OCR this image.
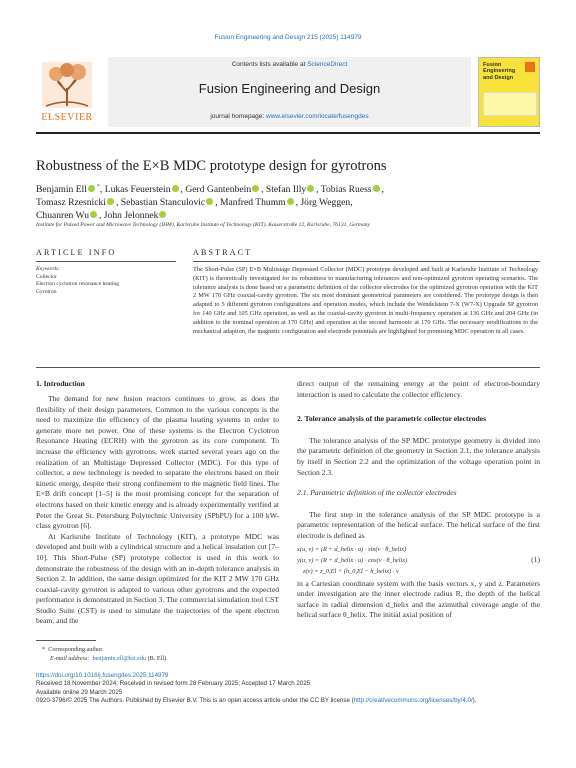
Fusion Engineering and Design 215 (2025) 114979
ELSEVIER
Contents lists available at ScienceDirect
Fusion Engineering and Design
journal homepage: www.elsevier.com/locate/fusengdes
Fusion Engineering and Design
Robustness of the E×B MDC prototype design for gyrotrons
Benjamin Ell *, Lukas Feuerstein , Gerd Gantenbein , Stefan Illy , Tobias Ruess ,
Tomasz Rzesnicki , Sebastian Stanculovic , Manfred Thumm , Jörg Weggen,
Chuanren Wu , John Jelonnek
Institute for Pulsed Power and Microwave Technology (IHM), Karlsruhe Institute of Technology (KIT), Kaiserstraße 12, Karlsruhe, 76131, Germany
ARTICLE INFO
Keywords:
Collector
Electron cyclotron resonance heating
Gyrotron
ABSTRACT
The Short-Pulse (SP) E×B Multistage Depressed Collector (MDC) prototype developed and built at Karlsruhe Institute of Technology (KIT) is theoretically investigated for its robustness to manufacturing tolerances and non-optimized gyrotron operating scenarios. The tolerance analysis is done based on a parametric definition of the collector electrodes for the optimized gyrotron operation with the KIT 2 MW 170 GHz coaxial-cavity gyrotron. The six most dominant geometrical parameters are considered. The prototype design is then adapted to 5 different gyrotron configurations and operation modes, which include the Wendelstein 7-X (W7-X) Upgrade SP gyrotron for 140 GHz and 105 GHz operation, as well as the coaxial-cavity gyrotron in multi-frequency operation at 136 GHz and 204 GHz (in addition to the nominal operation at 170 GHz) and operation at the second harmonic at 170 GHz. The necessary modifications to the mechanical adaption, the magnetic configuration and electrode potentials are highlighted for promising MDC operation in all cases.
1. Introduction

The demand for new fusion reactors continues to grow, as does the flexibility of their design parameters. Common to the various concepts is the need to maximize the efficiency of the plasma heating systems in order to generate more net power. One of these systems is the Electron Cyclotron Resonance Heating (ECRH) with the gyrotron as its core component. To increase the efficiency with gyrotrons, work started several years ago on the realization of an Multistage Depressed Collector (MDC). For this type of collector, a new technology is needed to separate the electrons based on their kinetic energy, despite their strong confinement to the magnetic field lines. The E×B drift concept [1–5] is the most promising concept for the separation of electrons based on their kinetic energy and is already experimentally verified at Peter the Great St. Petersburg Polytechnic University (SPbPU) for a 100 kW-class gyrotron [6].

At Karlsruhe Institute of Technology (KIT), a prototype MDC was developed and built with a cylindrical structure and a helical insulation cut [7–10]. This Short-Pulse (SP) prototype collector is used in this work to demonstrate the robustness of the design with an in-depth tolerance analysis in Section 2. In addition, the same design optimized for the KIT 2 MW 170 GHz coaxial-cavity gyrotron is adapted to various other gyrotrons and the expected performance is demonstrated in Section 3. The commercial simulation tool CST Studio Suite (CST) is used to simulate the trajectories of the spent electron beam, and the

direct output of the remaining energy at the point of electron-boundary interaction is used to calculate the collector efficiency.
2. Tolerance analysis of the parametric collector electrodes

The tolerance analysis of the SP MDC prototype geometry is divided into the parametric definition of the geometry in Section 2.1, the tolerance analysis by itself in Section 2.2 and the optimization of the voltage operation point in Section 2.3.

2.1. Parametric definition of the collector electrodes

The first step in the tolerance analysis of the SP MDC prototype is a parametric representation of the helical surface. The helical surface of the first electrode is defined as

x(u, v) = (R + d_helix · u) · sin(v · θ_helix)
y(u, v) = (R + d_helix · u) · cos(v · θ_helix)
z(v) = z_0,El + (h_0,El − h_helix) · v
(1)
in a Cartesian coordinate system with the basis vectors x, y and z. Parameters under investigation are the inner electrode radius R, the depth of the helical surface in radial dimension d_helix and the azimuthal coverage angle of the helical surface θ_helix. The initial axial position of
* Corresponding author.
E-mail address: benjamin.ell@kit.edu (B. Ell).
https://doi.org/10.1016/j.fusengdes.2025.114979
Received 18 November 2024; Received in revised form 28 February 2025; Accepted 17 March 2025
Available online 29 March 2025
0920-3796/© 2025 The Authors. Published by Elsevier B.V. This is an open access article under the CC BY license (http://creativecommons.org/licenses/by/4.0/).
